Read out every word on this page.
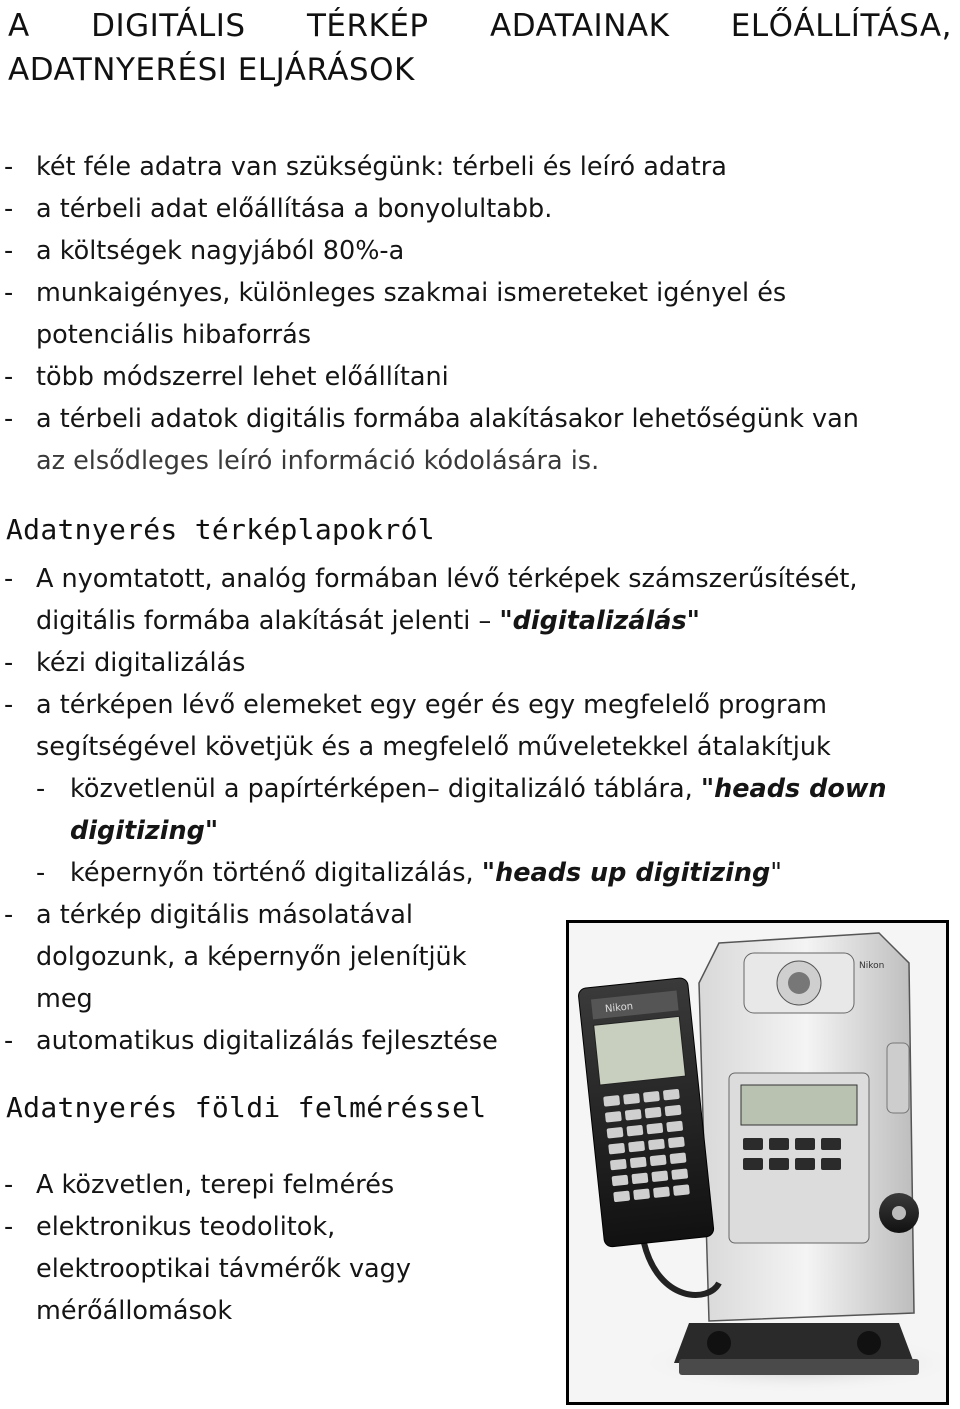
A DIGITÁLIS TÉRKÉP ADATAINAK ELŐÁLLÍTÁSA,
ADATNYERÉSI ELJÁRÁSOK
- két féle adatra van szükségünk: térbeli és leíró adatra
- a térbeli adat előállítása a bonyolultabb.
- a költségek nagyjából 80%-a
- munkaigényes, különleges szakmai ismereteket igényel és
potenciális hibaforrás
- több módszerrel lehet előállítani
- a térbeli adatok digitális formába alakításakor lehetőségünk van
az elsődleges leíró információ kódolására is.
Adatnyerés térképlapokról
- A nyomtatott, analóg formában lévő térképek számszerűsítését,
digitális formába alakítását jelenti – "digitalizálás"
- kézi digitalizálás
- a térképen lévő elemeket egy egér és egy megfelelő program
segítségével követjük és a megfelelő műveletekkel átalakítjuk
- közvetlenül a papírtérképen– digitalizáló táblára, "heads down
digitizing"
- képernyőn történő digitalizálás, "heads up digitizing"
- a térkép digitális másolatával
dolgozunk, a képernyőn jelenítjük
meg
- automatikus digitalizálás fejlesztése
Adatnyerés földi felméréssel
- A közvetlen, terepi felmérés
- elektronikus teodolitok,
elektrooptikai távmérők vagy
mérőállomások
Nikon
Nikon
